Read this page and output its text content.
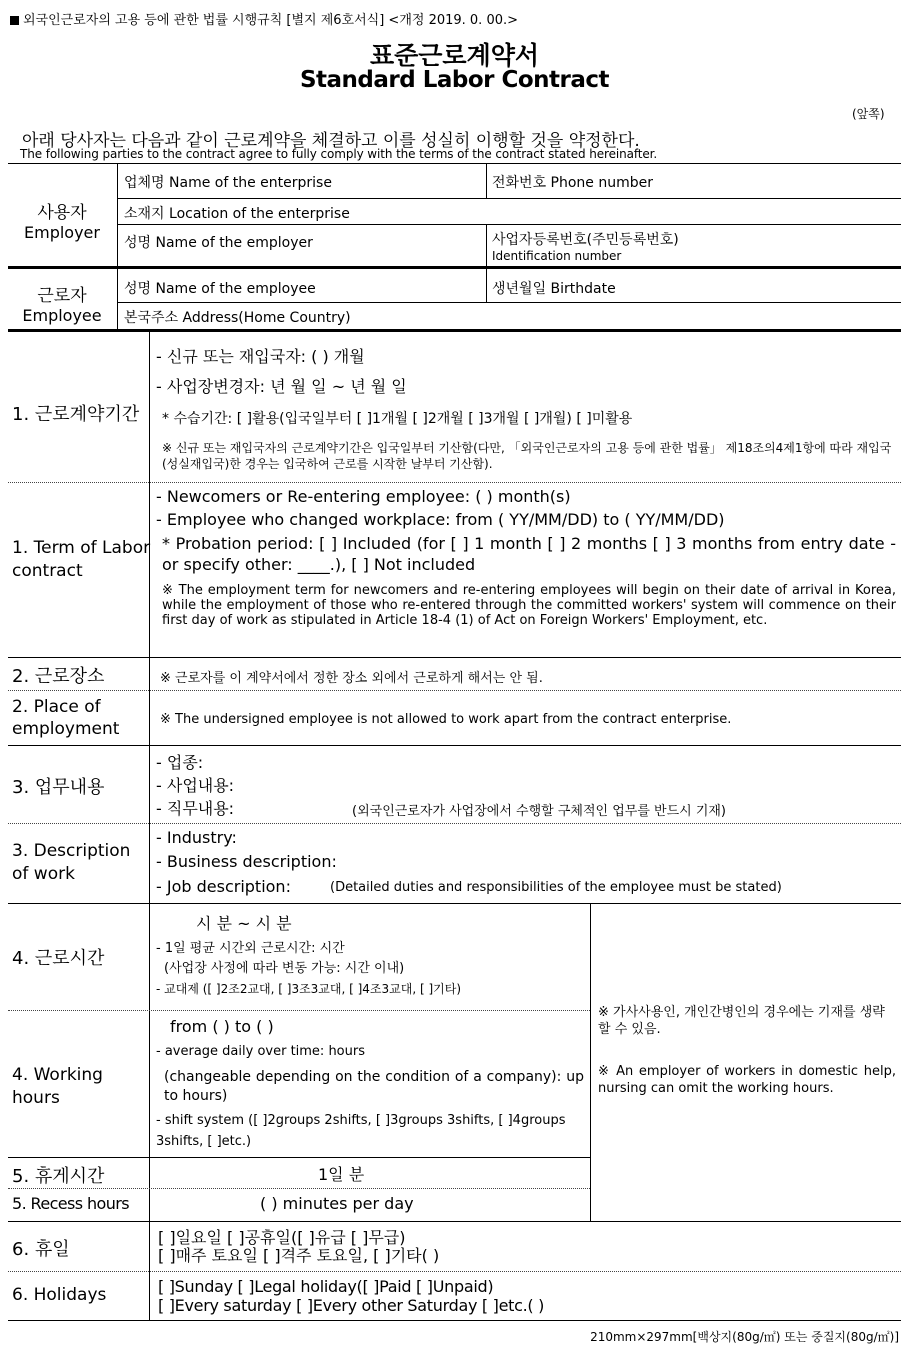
외국인근로자의 고용 등에 관한 법률 시행규칙 [별지 제6호서식] <개정 2019. 0. 00.>
표준근로계약서
Standard Labor Contract
(앞쪽)
아래 당사자는 다음과 같이 근로계약을 체결하고 이를 성실히 이행할 것을 약정한다.
The following parties to the contract agree to fully comply with the terms of the contract stated hereinafter.
사용자
Employer
업체명 Name of the enterprise	전화번호 Phone number
소재지 Location of the enterprise
성명 Name of the employer	사업자등록번호(주민등록번호)
Identification number
근로자
Employee
성명 Name of the employee	생년월일 Birthdate
본국주소 Address(Home Country)
1. 근로계약기간
- 신규 또는 재입국자: ( ) 개월
- 사업장변경자: 년 월 일 ~ 년 월 일
* 수습기간: [ ]활용(입국일부터 [ ]1개월 [ ]2개월 [ ]3개월 [ ]개월) [ ]미활용
※ 신규 또는 재입국자의 근로계약기간은 입국일부터 기산함(다만, 「외국인근로자의 고용 등에 관한 법률」 제18조의4제1항에 따라 재입국(성실재입국)한 경우는 입국하여 근로를 시작한 날부터 기산함).
1. Term of Labor contract
- Newcomers or Re-entering employee: ( ) month(s)
- Employee who changed workplace: from ( YY/MM/DD) to ( YY/MM/DD)
* Probation period: [ ] Included (for [ ] 1 month [ ] 2 months [ ] 3 months from entry date - or specify other: ____.), [ ] Not included
※ The employment term for newcomers and re-entering employees will begin on their date of arrival in Korea, while the employment of those who re-entered through the committed workers' system will commence on their first day of work as stipulated in Article 18-4 (1) of Act on Foreign Workers' Employment, etc.
2. 근로장소	※ 근로자를 이 계약서에서 정한 장소 외에서 근로하게 해서는 안 됨.
2. Place of employment	※ The undersigned employee is not allowed to work apart from the contract enterprise.
3. 업무내용
- 업종:
- 사업내용:
- 직무내용:	(외국인근로자가 사업장에서 수행할 구체적인 업무를 반드시 기재)
3. Description of work
- Industry:
- Business description:
- Job description:	(Detailed duties and responsibilities of the employee must be stated)
4. 근로시간
시 분 ~ 시 분
- 1일 평균 시간외 근로시간: 시간
(사업장 사정에 따라 변동 가능: 시간 이내)
- 교대제 ([ ]2조2교대, [ ]3조3교대, [ ]4조3교대, [ ]기타)
4. Working hours
from ( ) to ( )
- average daily over time: hours
(changeable depending on the condition of a company): up to hours)
- shift system ([ ]2groups 2shifts, [ ]3groups 3shifts, [ ]4groups 3shifts, [ ]etc.)
※ 가사사용인, 개인간병인의 경우에는 기재를 생략할 수 있음.
※ An employer of workers in domestic help, nursing can omit the working hours.
5. 휴게시간	1일 분
5. Recess hours	( ) minutes per day
6. 휴일
[ ]일요일 [ ]공휴일([ ]유급 [ ]무급)
[ ]매주 토요일 [ ]격주 토요일, [ ]기타( )
6. Holidays	[ ]Sunday [ ]Legal holiday([ ]Paid [ ]Unpaid)
[ ]Every saturday [ ]Every other Saturday [ ]etc.( )
210mm×297mm[백상지(80g/㎡) 또는 중질지(80g/㎡)]
